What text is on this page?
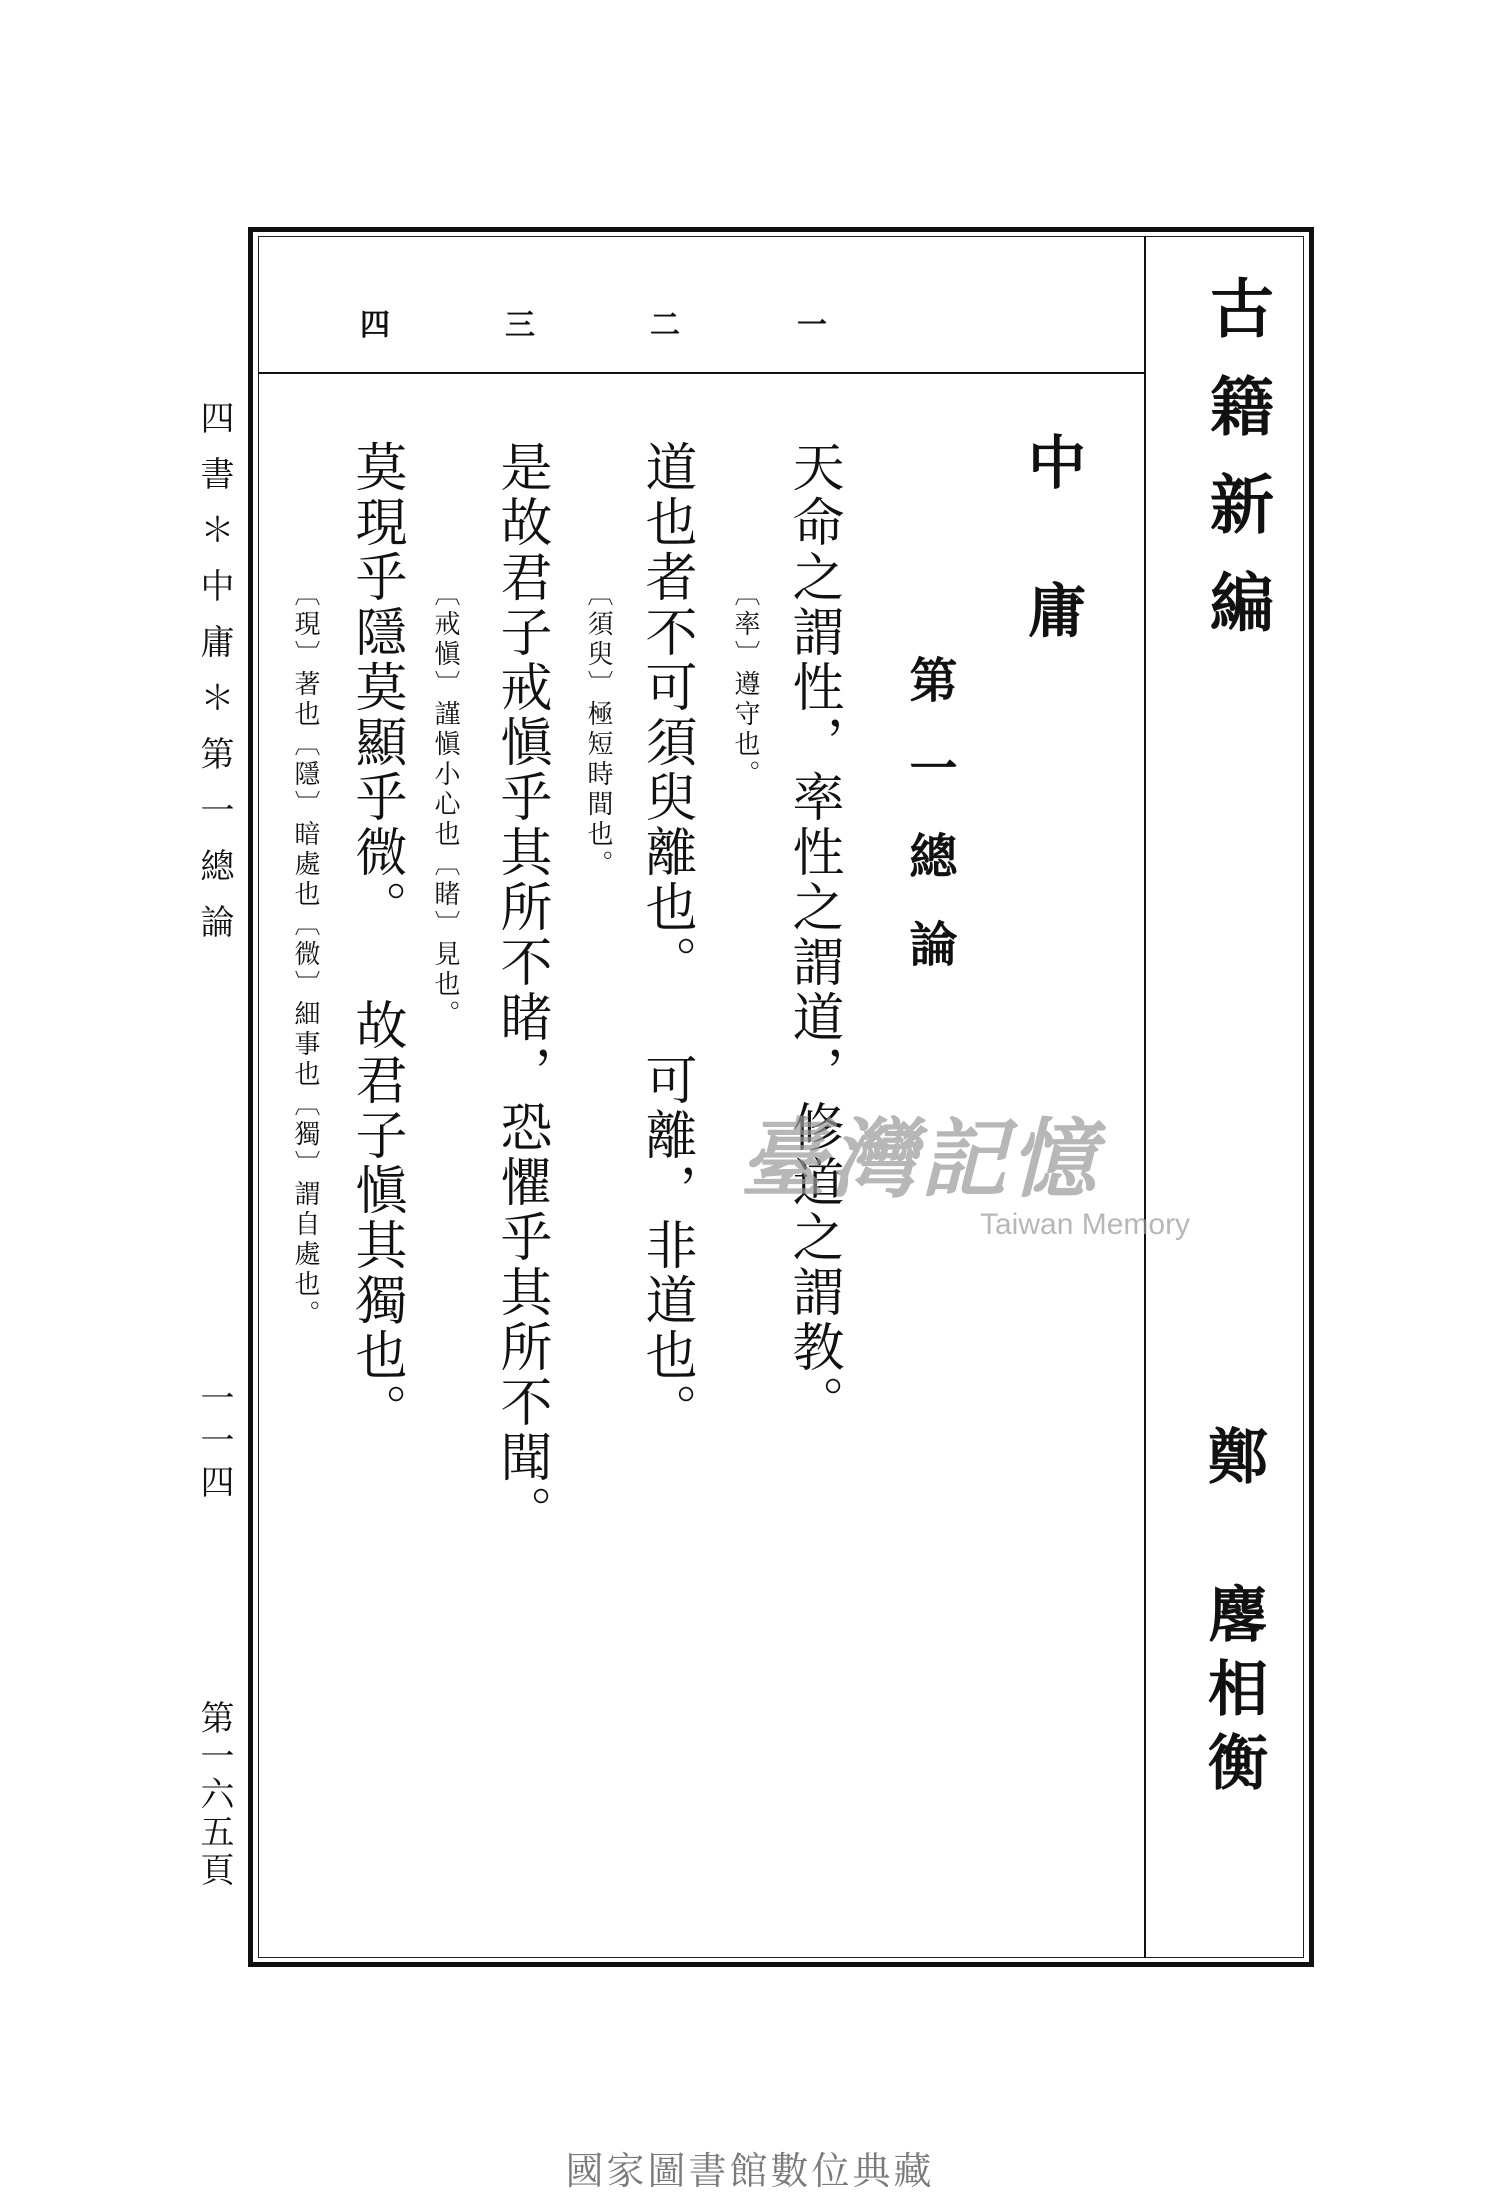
古籍新編
鄭 麐相衡
一
二
三
四
中庸
第一總論
天命之謂性，率性之謂道，修道之謂教。
〔率〕遵守也。
道也者不可須臾離也。 可離，非道也。
〔須臾〕極短時間也。
是故君子戒愼乎其所不睹，恐懼乎其所不聞。
〔戒愼〕謹愼小心也〔睹〕見也。
莫現乎隱莫顯乎微。 故君子愼其獨也。
〔現〕著也〔隱〕暗處也〔微〕細事也〔獨〕謂自處也。
四書＊中庸＊第一總論
一一四
第一六五頁
臺灣記憶
Taiwan Memory
國家圖書館數位典藏
